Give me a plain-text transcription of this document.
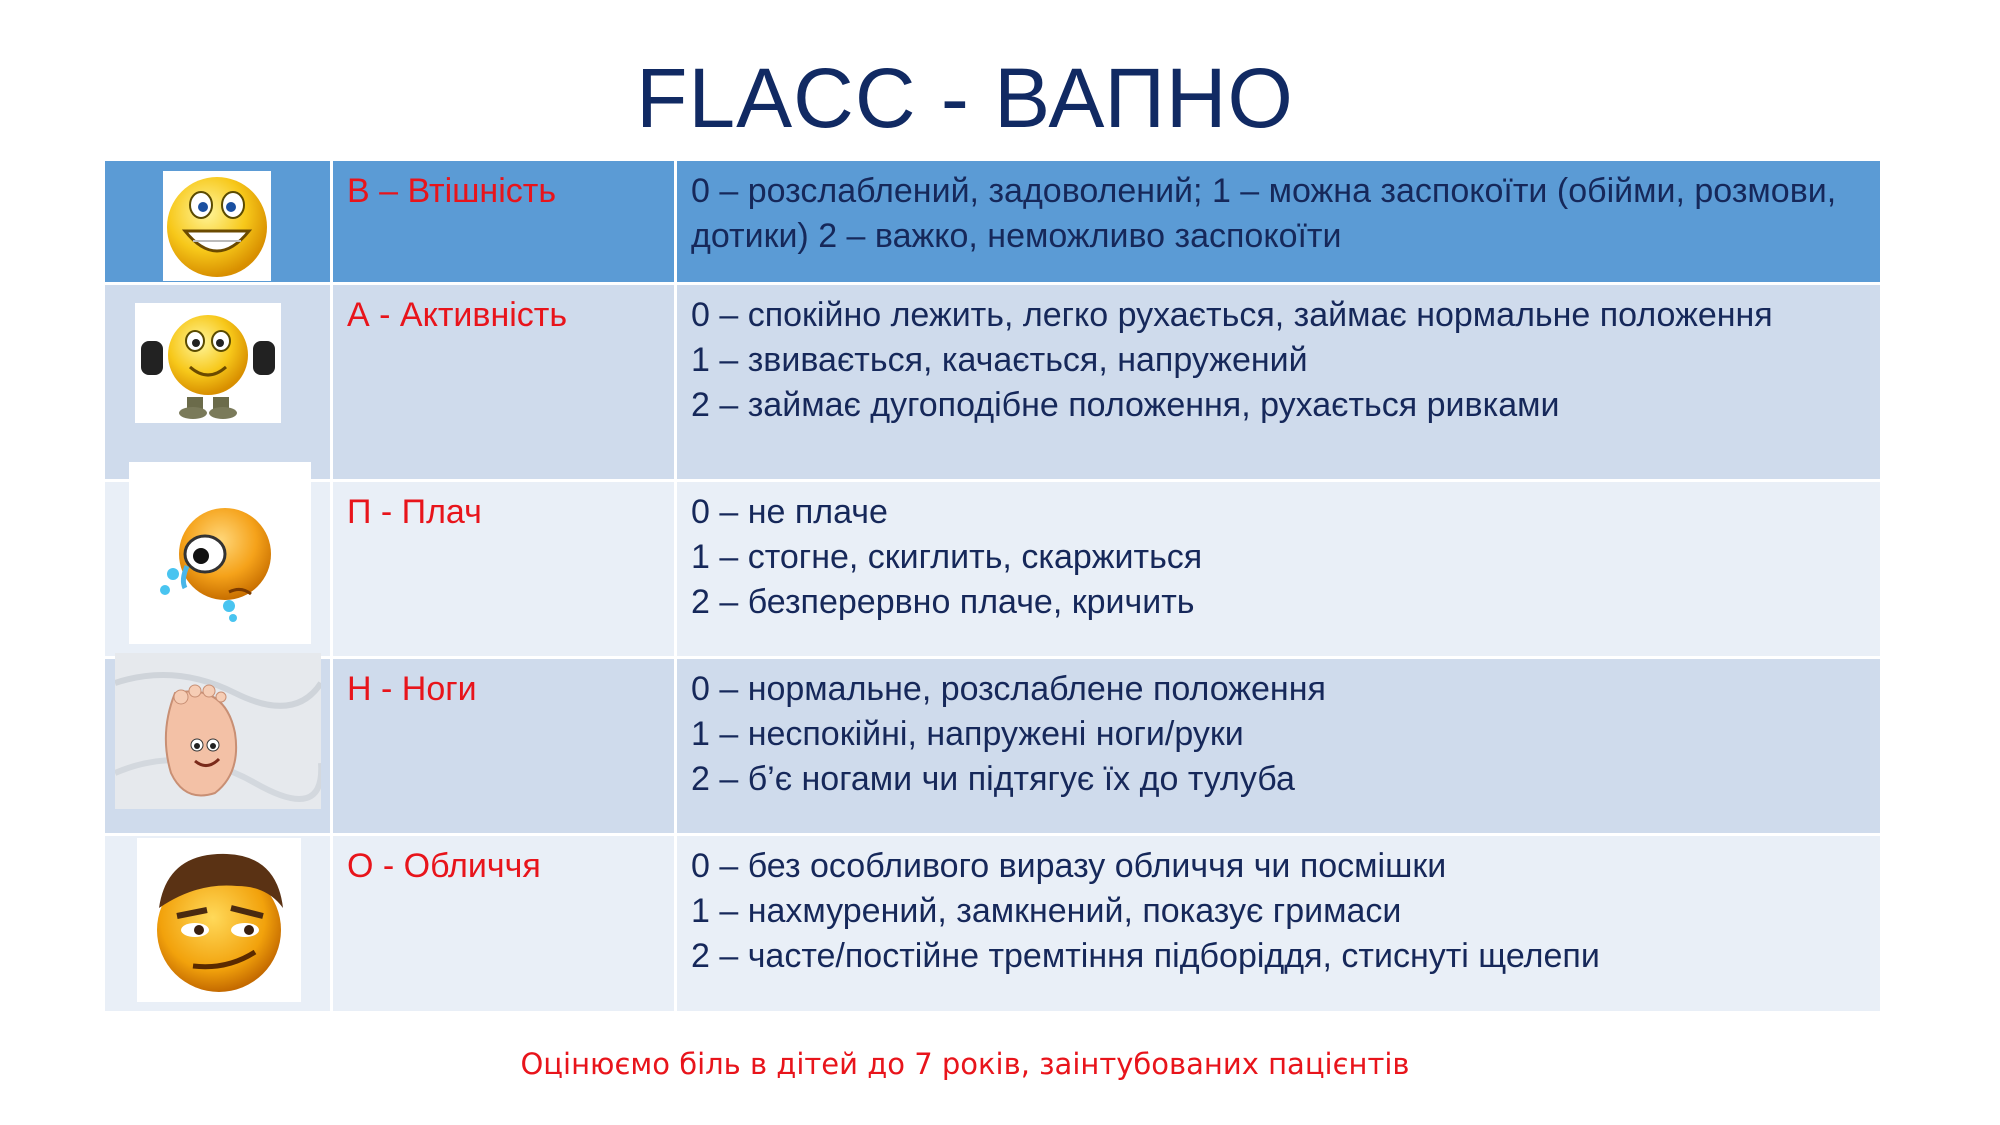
FLACC - ВАПНО
	В – Втішність	0 – розслаблений, задоволений; 1 – можна заспокоїти (обійми, розмови, дотики) 2 – важко, неможливо заспокоїти

	А - Активність	0 – спокійно лежить, легко рухається, займає нормальне положення
1 – звивається, качається, напружений
2 – займає дугоподібне положення, рухається ривками

	П - Плач	0 – не плаче
1 – стогне, скиглить, скаржиться
2 – безперервно плаче, кричить

	Н - Ноги	0 – нормальне, розслаблене положення
1 – неспокійні, напружені ноги/руки
2 – б’є ногами чи підтягує їх до тулуба

	О - Обличчя	0 – без особливого виразу обличчя чи посмішки
1 – нахмурений, замкнений, показує гримаси
2 – часте/постійне тремтіння підборіддя, стиснуті щелепи
Оцінюємо біль в дітей до 7 років, заінтубованих пацієнтів
